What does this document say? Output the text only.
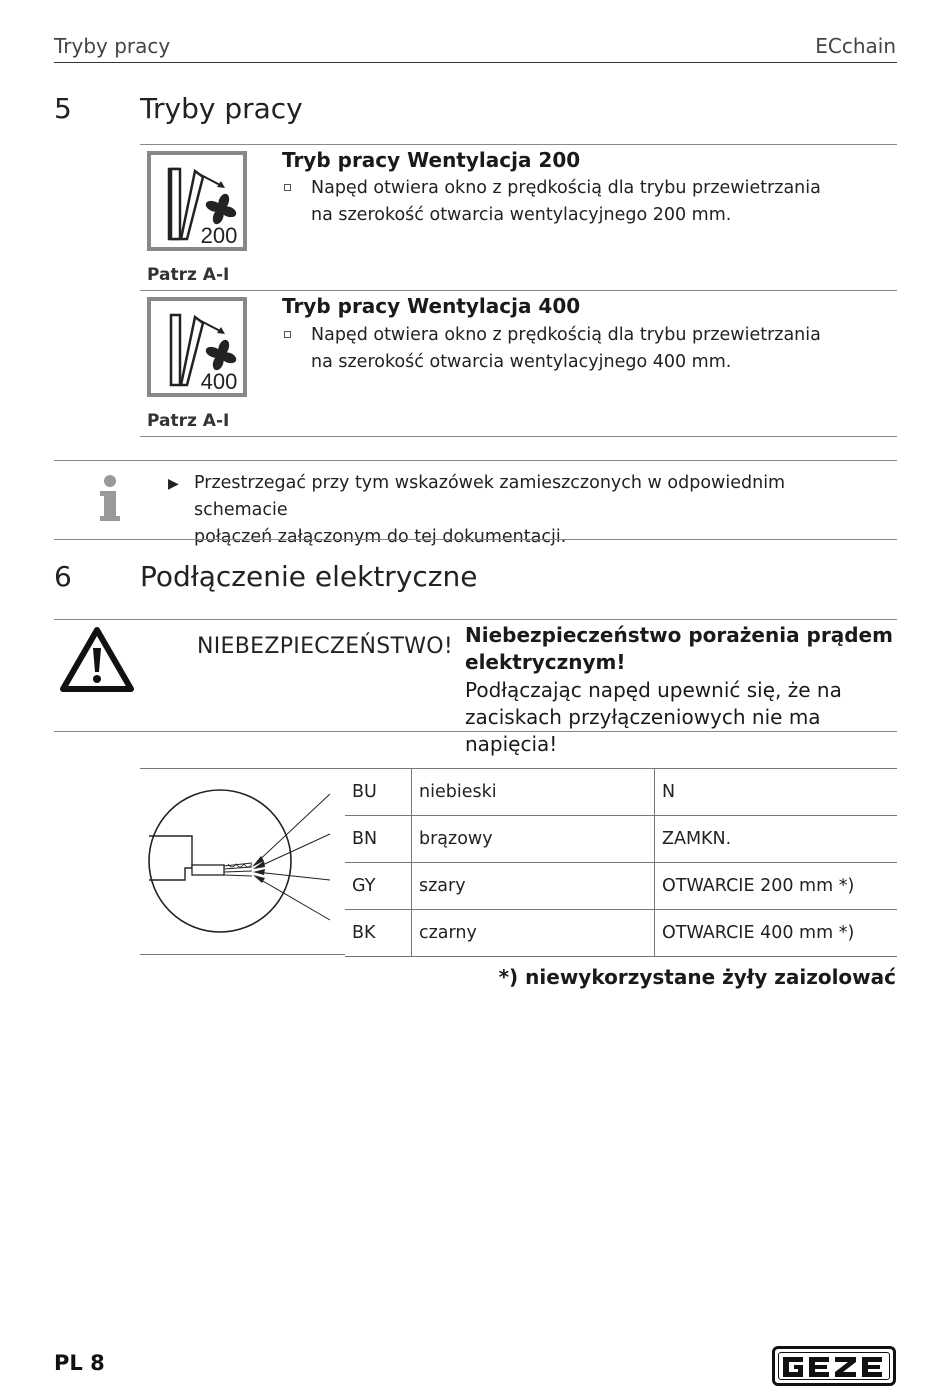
Tryby pracy	ECchain
5 Tryby pracy
200
Patrz A-I
Tryb pracy Wentylacja 200
Napęd otwiera okno z prędkością dla trybu przewietrzania
na szerokość otwarcia wentylacyjnego 200 mm.
400
Patrz A-I
Tryb pracy Wentylacja 400
Napęd otwiera okno z prędkością dla trybu przewietrzania
na szerokość otwarcia wentylacyjnego 400 mm.
▶ Przestrzegać przy tym wskazówek zamieszczonych w odpowiednim schemacie
połączeń załączonym do tej dokumentacji.
6 Podłączenie elektryczne
NIEBEZPIECZEŃSTWO! Niebezpieczeństwo porażenia prądem
elektrycznym!
Podłączając napęd upewnić się, że na
zaciskach przyłączeniowych nie ma napięcia!
BU	niebieski	N
BN	brązowy	ZAMKN.
GY	szary	OTWARCIE 200 mm *)
BK	czarny	OTWARCIE 400 mm *)
*) niewykorzystane żyły zaizolować
PL 8
